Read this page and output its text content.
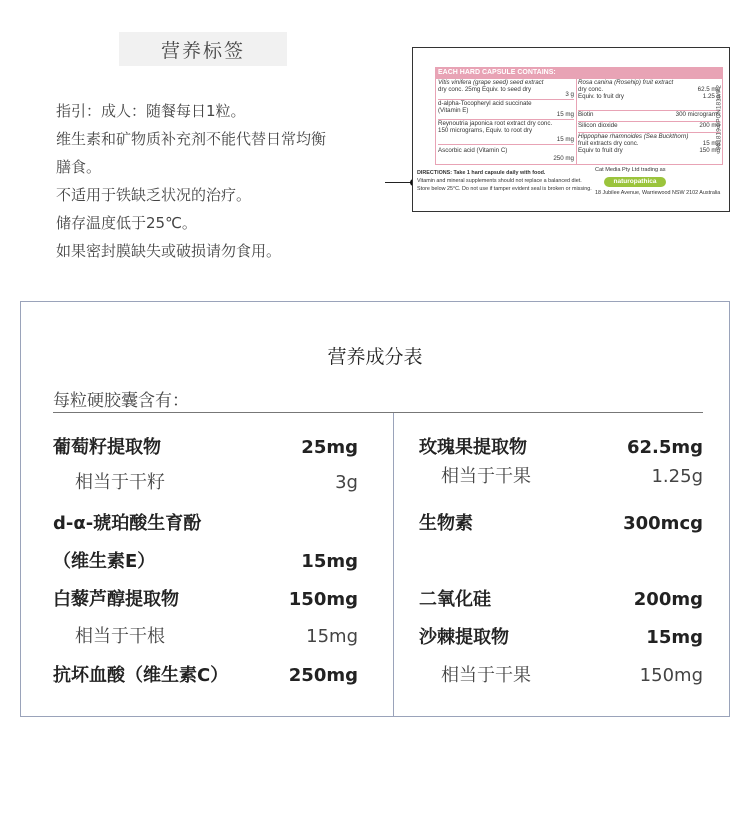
营养标签
指引：成人：随餐每日1粒。
维生素和矿物质补充剂不能代替日常均衡
膳食。
不适用于铁缺乏状况的治疗。
储存温度低于25℃。
如果密封膜缺失或破损请勿食用。
EACH HARD CAPSULE CONTAINS:
Vitis vinifera (grape seed) seed extract
dry conc. 25mg Equiv. to seed dry
3 g
d-alpha-Tocopheryl acid succinate
(Vitamin E)
15 mg
Reynoutria japonica root extract dry conc.
150 micrograms, Equiv. to root dry
15 mg
Ascorbic acid (Vitamin C)
250 mg
Rosa canina (Rosehip) fruit extract
dry conc.	62.5 mg
Equiv. to fruit dry	1.25 g
Biotin	300 micrograms
Silicon dioxide	200 mg
Hippophae rhamnoides (Sea Buckthorn)
fruit extracts dry conc.	15 mg
Equiv to fruit dry	150 mg
951819 9PCN1819/P2
DIRECTIONS: Take 1 hard capsule daily with food.
Vitamin and mineral supplements should not replace a balanced diet.
Store below 25°C. Do not use if tamper evident seal is broken or missing.
Cat Media Pty Ltd trading as
naturopathica
18 Jubilee Avenue, Warriewood NSW 2102 Australia
营养成分表
每粒硬胶囊含有：
葡萄籽提取物	25mg
相当于干籽	3g
d-α-琥珀酸生育酚
（维生素E）	15mg
白藜芦醇提取物	150mg
相当于干根	15mg
抗坏血酸（维生素C）	250mg
玫瑰果提取物	62.5mg
相当于干果	1.25g
生物素	300mcg
二氧化硅	200mg
沙棘提取物	15mg
相当于干果	150mg
